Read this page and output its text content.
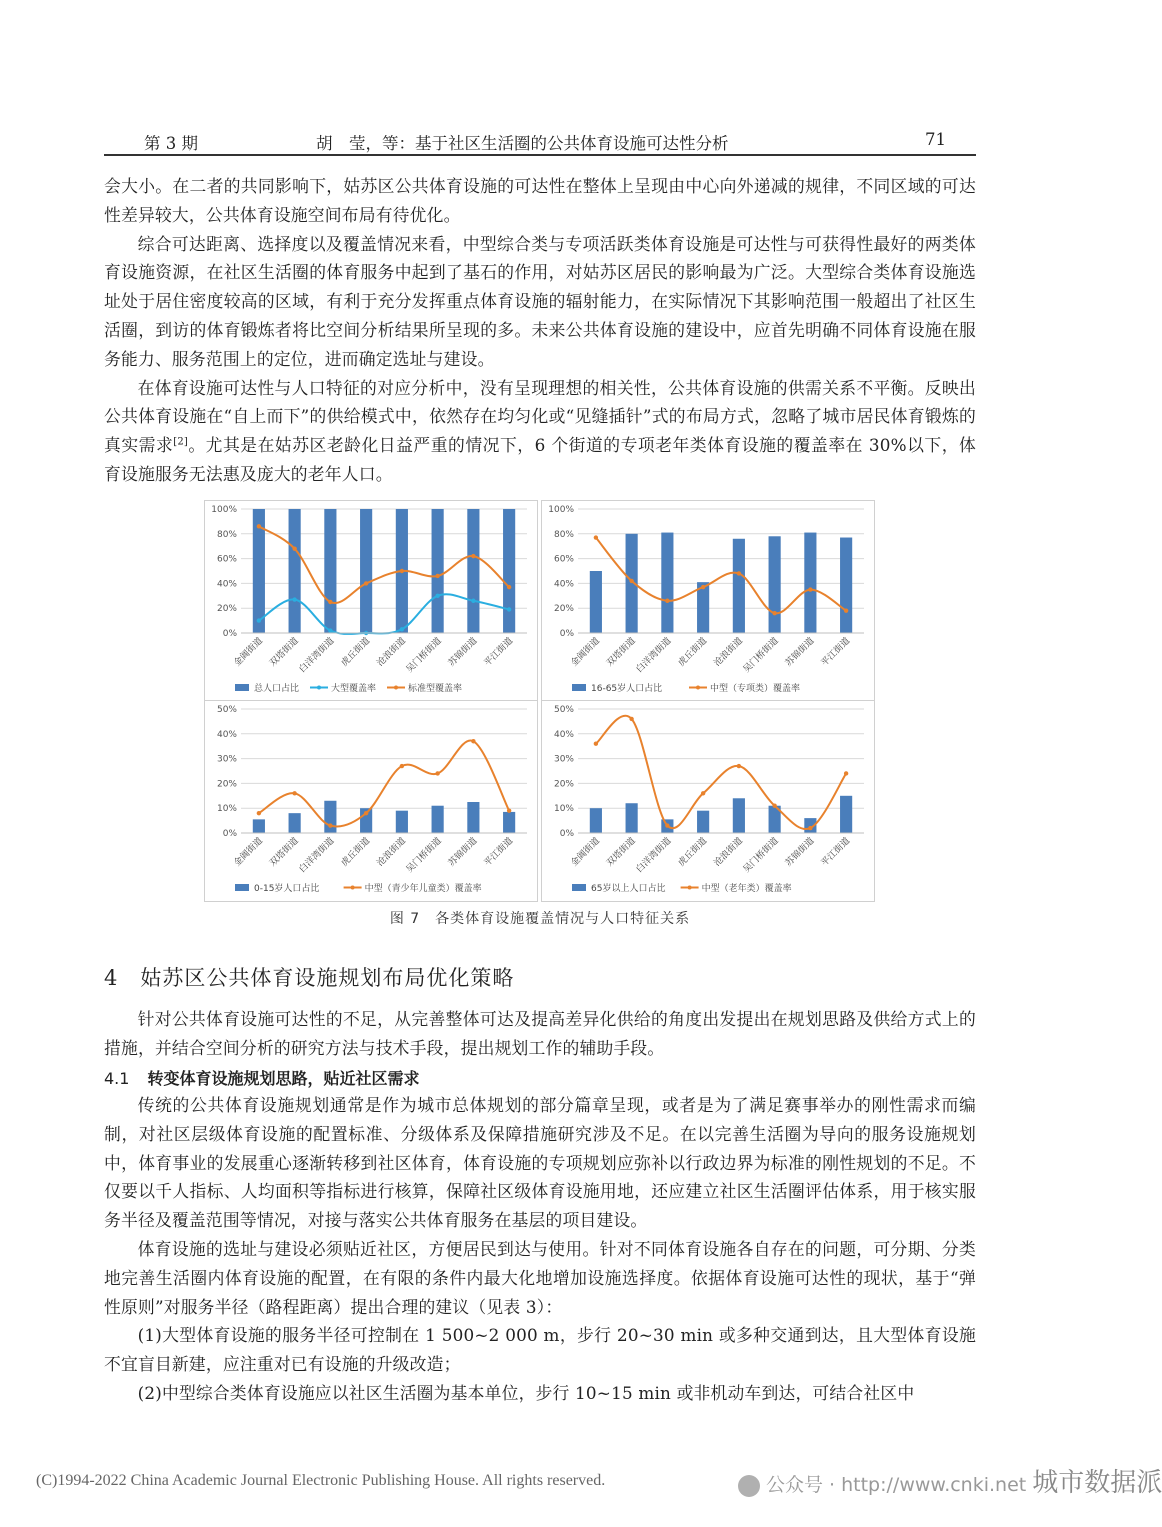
第 3 期	胡　莹，等：基于社区生活圈的公共体育设施可达性分析	71

会大小。在二者的共同影响下，姑苏区公共体育设施的可达性在整体上呈现由中心向外递减的规律，不同区域的可达性差异较大，公共体育设施空间布局有待优化。

综合可达距离、选择度以及覆盖情况来看，中型综合类与专项活跃类体育设施是可达性与可获得性最好的两类体育设施资源，在社区生活圈的体育服务中起到了基石的作用，对姑苏区居民的影响最为广泛。大型综合类体育设施选址处于居住密度较高的区域，有利于充分发挥重点体育设施的辐射能力，在实际情况下其影响范围一般超出了社区生活圈，到访的体育锻炼者将比空间分析结果所呈现的多。未来公共体育设施的建设中，应首先明确不同体育设施在服务能力、服务范围上的定位，进而确定选址与建设。

在体育设施可达性与人口特征的对应分析中，没有呈现理想的相关性，公共体育设施的供需关系不平衡。反映出公共体育设施在“自上而下”的供给模式中，依然存在均匀化或“见缝插针”式的布局方式，忽略了城市居民体育锻炼的真实需求[2]。尤其是在姑苏区老龄化日益严重的情况下，6 个街道的专项老年类体育设施的覆盖率在 30%以下，体育设施服务无法惠及庞大的老年人口。

0%
20%
40%
60%
80%
100%
金阊街道 双塔街道
白洋湾街道 虎丘街道 沧浪街道
吴门桥街道 苏锦街道 平江街道
总人口占比	大型覆盖率	标准型覆盖率
0%
20%
40%
60%
80%
100%
金阊街道 双塔街道
白洋湾街道 虎丘街道 沧浪街道
吴门桥街道 苏锦街道 平江街道
16-65岁人口占比	中型（专项类）覆盖率
0%
10%
20%
30%
40%
50%
金阊街道 双塔街道
白洋湾街道 虎丘街道 沧浪街道
吴门桥街道 苏锦街道 平江街道
0-15岁人口占比	中型（青少年儿童类）覆盖率
0%
10%
20%
30%
40%
50%
金阊街道 双塔街道
白洋湾街道 虎丘街道 沧浪街道
吴门桥街道 苏锦街道 平江街道
65岁以上人口占比	中型（老年类）覆盖率
图 7　各类体育设施覆盖情况与人口特征关系
4 姑苏区公共体育设施规划布局优化策略

针对公共体育设施可达性的不足，从完善整体可达及提高差异化供给的角度出发提出在规划思路及供给方式上的措施，并结合空间分析的研究方法与技术手段，提出规划工作的辅助手段。

4.1 转变体育设施规划思路，贴近社区需求

传统的公共体育设施规划通常是作为城市总体规划的部分篇章呈现，或者是为了满足赛事举办的刚性需求而编制，对社区层级体育设施的配置标准、分级体系及保障措施研究涉及不足。在以完善生活圈为导向的服务设施规划中，体育事业的发展重心逐渐转移到社区体育，体育设施的专项规划应弥补以行政边界为标准的刚性规划的不足。不仅要以千人指标、人均面积等指标进行核算，保障社区级体育设施用地，还应建立社区生活圈评估体系，用于核实服务半径及覆盖范围等情况，对接与落实公共体育服务在基层的项目建设。

体育设施的选址与建设必须贴近社区，方便居民到达与使用。针对不同体育设施各自存在的问题，可分期、分类地完善生活圈内体育设施的配置，在有限的条件内最大化地增加设施选择度。依据体育设施可达性的现状，基于“弹性原则”对服务半径（路程距离）提出合理的建议（见表 3）：

(1)大型体育设施的服务半径可控制在 1 500~2 000 m，步行 20~30 min 或多种交通到达，且大型体育设施不宜盲目新建，应注重对已有设施的升级改造；

(2)中型综合类体育设施应以社区生活圈为基本单位，步行 10~15 min 或非机动车到达，可结合社区中

(C)1994-2022 China Academic Journal Electronic Publishing House. All rights reserved.	公众号 · http://www.cnki.net 城市数据派
